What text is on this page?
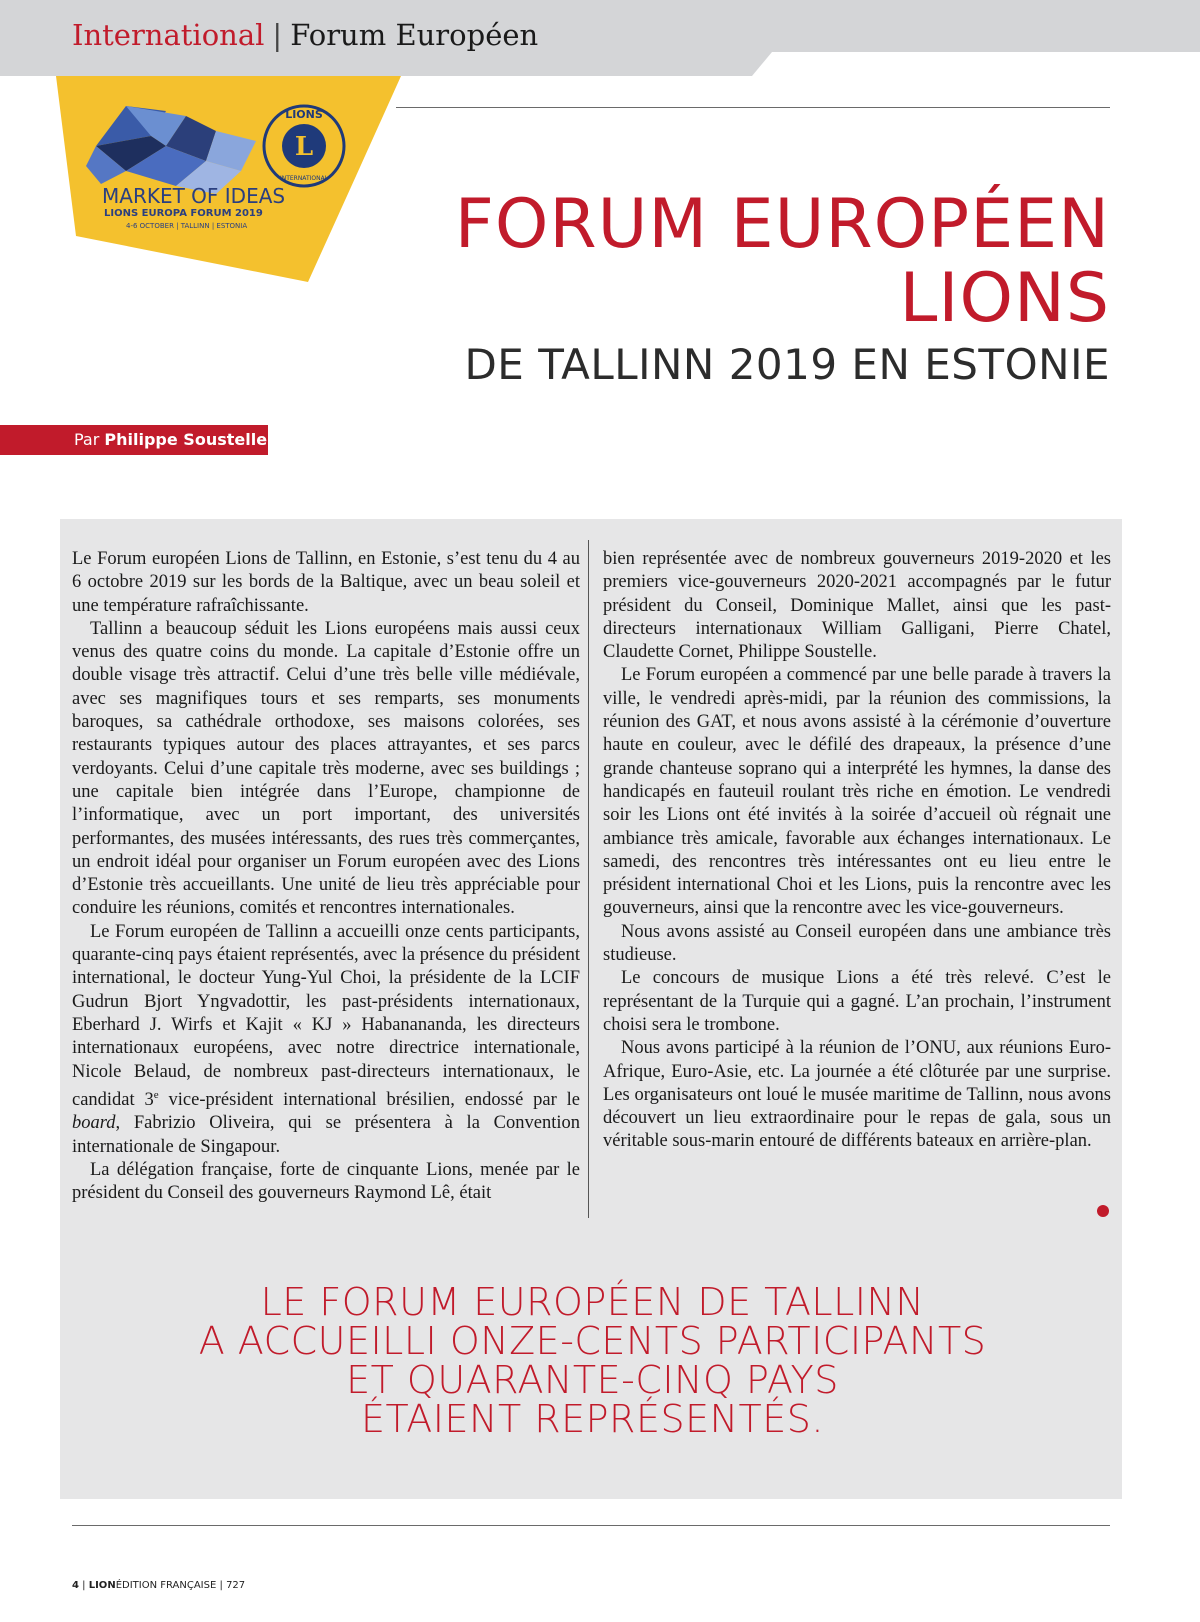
International | Forum Européen
L
LIONS
INTERNATIONAL
MARKET OF IDEAS
LIONS EUROPA FORUM 2019
4-6 OCTOBER | TALLINN | ESTONIA	FORUM EUROPÉEN
LIONS
DE TALLINN 2019 EN ESTONIE
Par Philippe Soustelle

Le Forum européen Lions de Tallinn, en Estonie, s’est tenu du 4 au 6 octobre 2019 sur les bords de la Baltique, avec un beau soleil et une température rafraîchissante.

Tallinn a beaucoup séduit les Lions européens mais aussi ceux venus des quatre coins du monde. La capitale d’Estonie offre un double visage très attractif. Celui d’une très belle ville médiévale, avec ses magnifiques tours et ses remparts, ses monuments baroques, sa cathédrale orthodoxe, ses maisons colorées, ses restaurants typiques autour des places attrayantes, et ses parcs verdoyants. Celui d’une capitale très moderne, avec ses buildings ; une capitale bien intégrée dans l’Europe, championne de l’informatique, avec un port important, des universités performantes, des musées intéressants, des rues très commerçantes, un endroit idéal pour organiser un Forum européen avec des Lions d’Estonie très accueillants. Une unité de lieu très appréciable pour conduire les réunions, comités et rencontres internationales.

Le Forum européen de Tallinn a accueilli onze cents participants, quarante-cinq pays étaient représentés, avec la présence du président international, le docteur Yung-Yul Choi, la présidente de la LCIF Gudrun Bjort Yngvadottir, les past-présidents internationaux, Eberhard J. Wirfs et Kajit « KJ » Habanananda, les directeurs internationaux européens, avec notre directrice internationale, Nicole Belaud, de nombreux past-directeurs internationaux, le candidat 3e vice-président international brésilien, endossé par le board, Fabrizio Oliveira, qui se présentera à la Convention internationale de Singapour.

La délégation française, forte de cinquante Lions, menée par le président du Conseil des gouverneurs Raymond Lê, était

bien représentée avec de nombreux gouverneurs 2019-2020 et les premiers vice-gouverneurs 2020-2021 accompagnés par le futur président du Conseil, Dominique Mallet, ainsi que les past-directeurs internationaux William Galligani, Pierre Chatel, Claudette Cornet, Philippe Soustelle.

Le Forum européen a commencé par une belle parade à travers la ville, le vendredi après-midi, par la réunion des commissions, la réunion des GAT, et nous avons assisté à la cérémonie d’ouverture haute en couleur, avec le défilé des drapeaux, la présence d’une grande chanteuse soprano qui a interprété les hymnes, la danse des handicapés en fauteuil roulant très riche en émotion. Le vendredi soir les Lions ont été invités à la soirée d’accueil où régnait une ambiance très amicale, favorable aux échanges internationaux. Le samedi, des rencontres très intéressantes ont eu lieu entre le président international Choi et les Lions, puis la rencontre avec les gouverneurs, ainsi que la rencontre avec les vice-gouverneurs.

Nous avons assisté au Conseil européen dans une ambiance très studieuse.

Le concours de musique Lions a été très relevé. C’est le représentant de la Turquie qui a gagné. L’an prochain, l’instrument choisi sera le trombone.

Nous avons participé à la réunion de l’ONU, aux réunions Euro-Afrique, Euro-Asie, etc. La journée a été clôturée par une surprise. Les organisateurs ont loué le musée maritime de Tallinn, nous avons découvert un lieu extraordinaire pour le repas de gala, sous un véritable sous-marin entouré de différents bateaux en arrière-plan.

LE FORUM EUROPÉEN DE TALLINN
A ACCUEILLI ONZE-CENTS PARTICIPANTS
ET QUARANTE-CINQ PAYS
ÉTAIENT REPRÉSENTÉS.
4 | LIONÉDITION FRANÇAISE | 727
